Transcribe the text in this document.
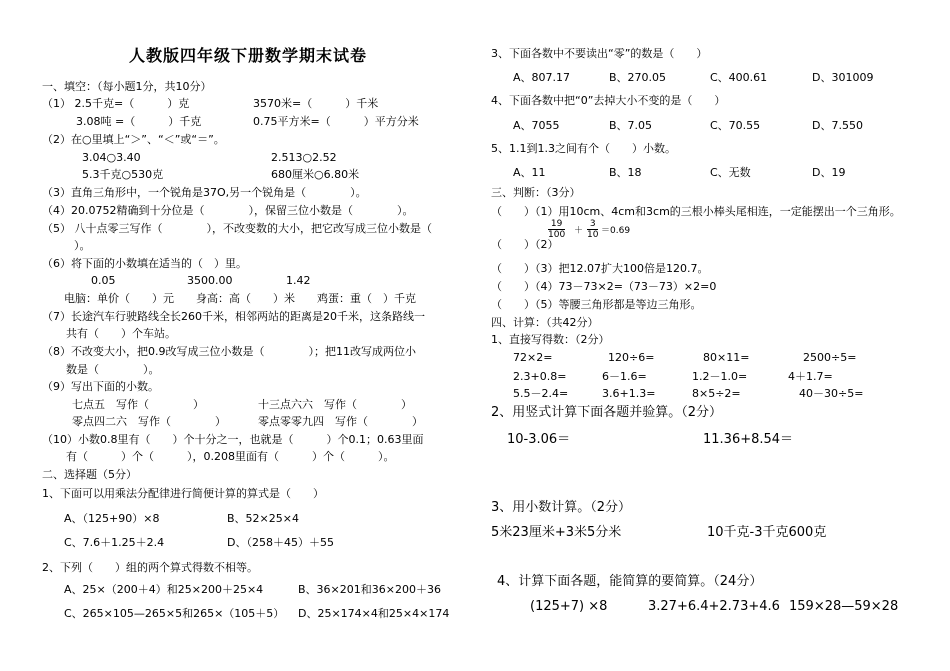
人教版四年级下册数学期末试卷
一、填空：（每小题1分，共10分）
（1） 2.5千克=（　　　）克	3570米=（　　　）千米
3.08吨 =（　　　）千克	0.75平方米=（　　　）平方分米
（2）在○里填上“＞”、“＜”或“＝”。
3.04○3.40	2.513○2.52
5.3千克○530克	680厘米○6.80米
（3）直角三角形中，一个锐角是37O,另一个锐角是（　　　　）。
（4）20.0752精确到十分位是（　　　　），保留三位小数是（　　　　）。
（5） 八十点零三写作（　　　　），不改变数的大小，把它改写成三位小数是（
　　）。
（6）将下面的小数填在适当的（　）里。
0.05	3500.00	1.42
电脑：单价（　　）元　　身高：高（　　）米　　鸡蛋：重（　）千克
（7）长途汽车行驶路线全长260千米，相邻两站的距离是20千米，这条路线一
　共有（　　）个车站。
（8）不改变大小，把0.9改写成三位小数是（　　　　）；把11改写成两位小
　数是（　　　　）。
（9）写出下面的小数。
七点五　写作（　　　　）	十三点六六　写作（　　　　）
零点四二六　写作（　　　　）	零点零零九四　写作（　　　　）
（10）小数0.8里有（　　）个十分之一，也就是（　　　）个0.1；0.63里面
　有（　　　）个（　　　），0.208里面有（　　　）个（　　　）。
二、选择题（5分）
1、下面可以用乘法分配律进行简便计算的算式是（　　）
A、（125+90）×8	B、52×25×4
C、7.6＋1.25＋2.4	D、（258＋45）＋55
2、下列（　　）组的两个算式得数不相等。
A、25×（200＋4）和25×200＋25×4	B、36×201和36×200＋36
C、265×105—265×5和265×（105＋5） D、25×174×4和25×4×174
3、下面各数中不要读出“零”的数是（　　）
A、807.17	B、270.05	C、400.61	D、301009
4、下面各数中把“0”去掉大小不变的是（　　）
A、7055	B、7.05	C、70.55	D、7.550
5、1.1到1.3之间有个（　　）小数。
A、11	B、18	C、无数	D、19
三、判断：（3分）
（　　）（1）用10cm、4cm和3cm的三根小棒头尾相连，一定能摆出一个三角形。
（　　）（2）
$\frac{19}{100} + \frac{3}{10} =0.69$
（　　）（3）把12.07扩大100倍是120.7。
（　　）（4）73－73×2=（73－73）×2=0
（　　）（5）等腰三角形都是等边三角形。
四、计算：（共42分）
1、直接写得数：（2分）
72×2=	120÷6=	80×11=	2500÷5=
2.3+0.8=	6－1.6=	1.2－1.0=	4＋1.7=
5.5－2.4=	3.6+1.3=	8×5÷2=	40－30÷5=
2、用竖式计算下面各题并验算。（2分）
10-3.06＝	11.36+8.54＝
3、用小数计算。（2分）
5米23厘米+3米5分米	10千克-3千克600克
4、计算下面各题，能简算的要简算。（24分）
(125+7) ×8	3.27+6.4+2.73+4.6 159×28—59×28
